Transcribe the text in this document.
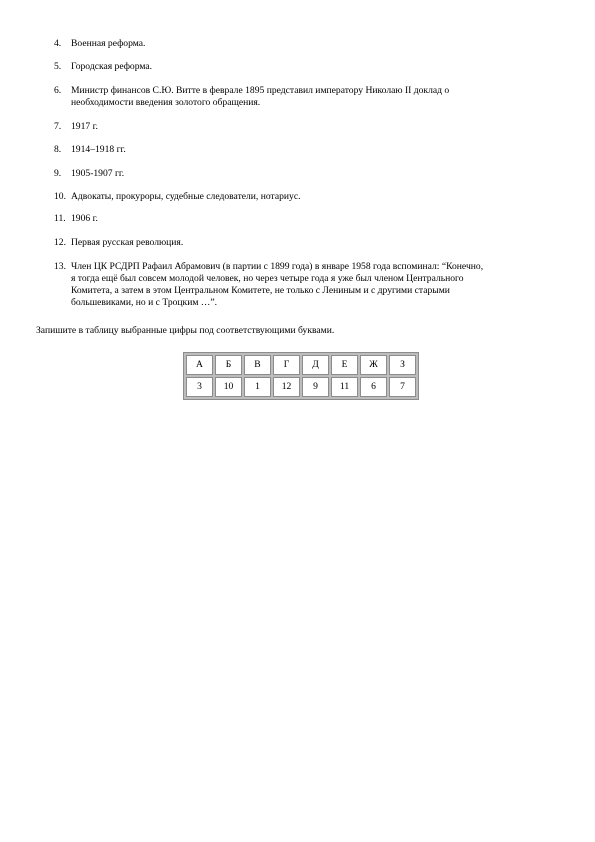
4.	Военная реформа.
5.	Городская реформа.
6.	Министр финансов С.Ю. Витте в феврале 1895 представил императору Николаю II доклад о
необходимости введения золотого обращения.
7.	1917 г.
8.	1914–1918 гг.
9.	1905-1907 гг.
10. Адвокаты, прокуроры, судебные следователи, нотариус.
11. 1906 г.
12. Первая русская революция.
13. Член ЦК РСДРП Рафаил Абрамович (в партии с 1899 года) в январе 1958 года вспоминал: “Конечно,
я тогда ещё был совсем молодой человек, но через четыре года я уже был членом Центрального
Комитета, а затем в этом Центральном Комитете, не только с Лениным и с другими старыми
большевиками, но и с Троцким …”.
Запишите в таблицу выбранные цифры под соответствующими буквами.
А	Б	В	Г	Д	Е	Ж	З
3	10	1	12	9	11	6	7
